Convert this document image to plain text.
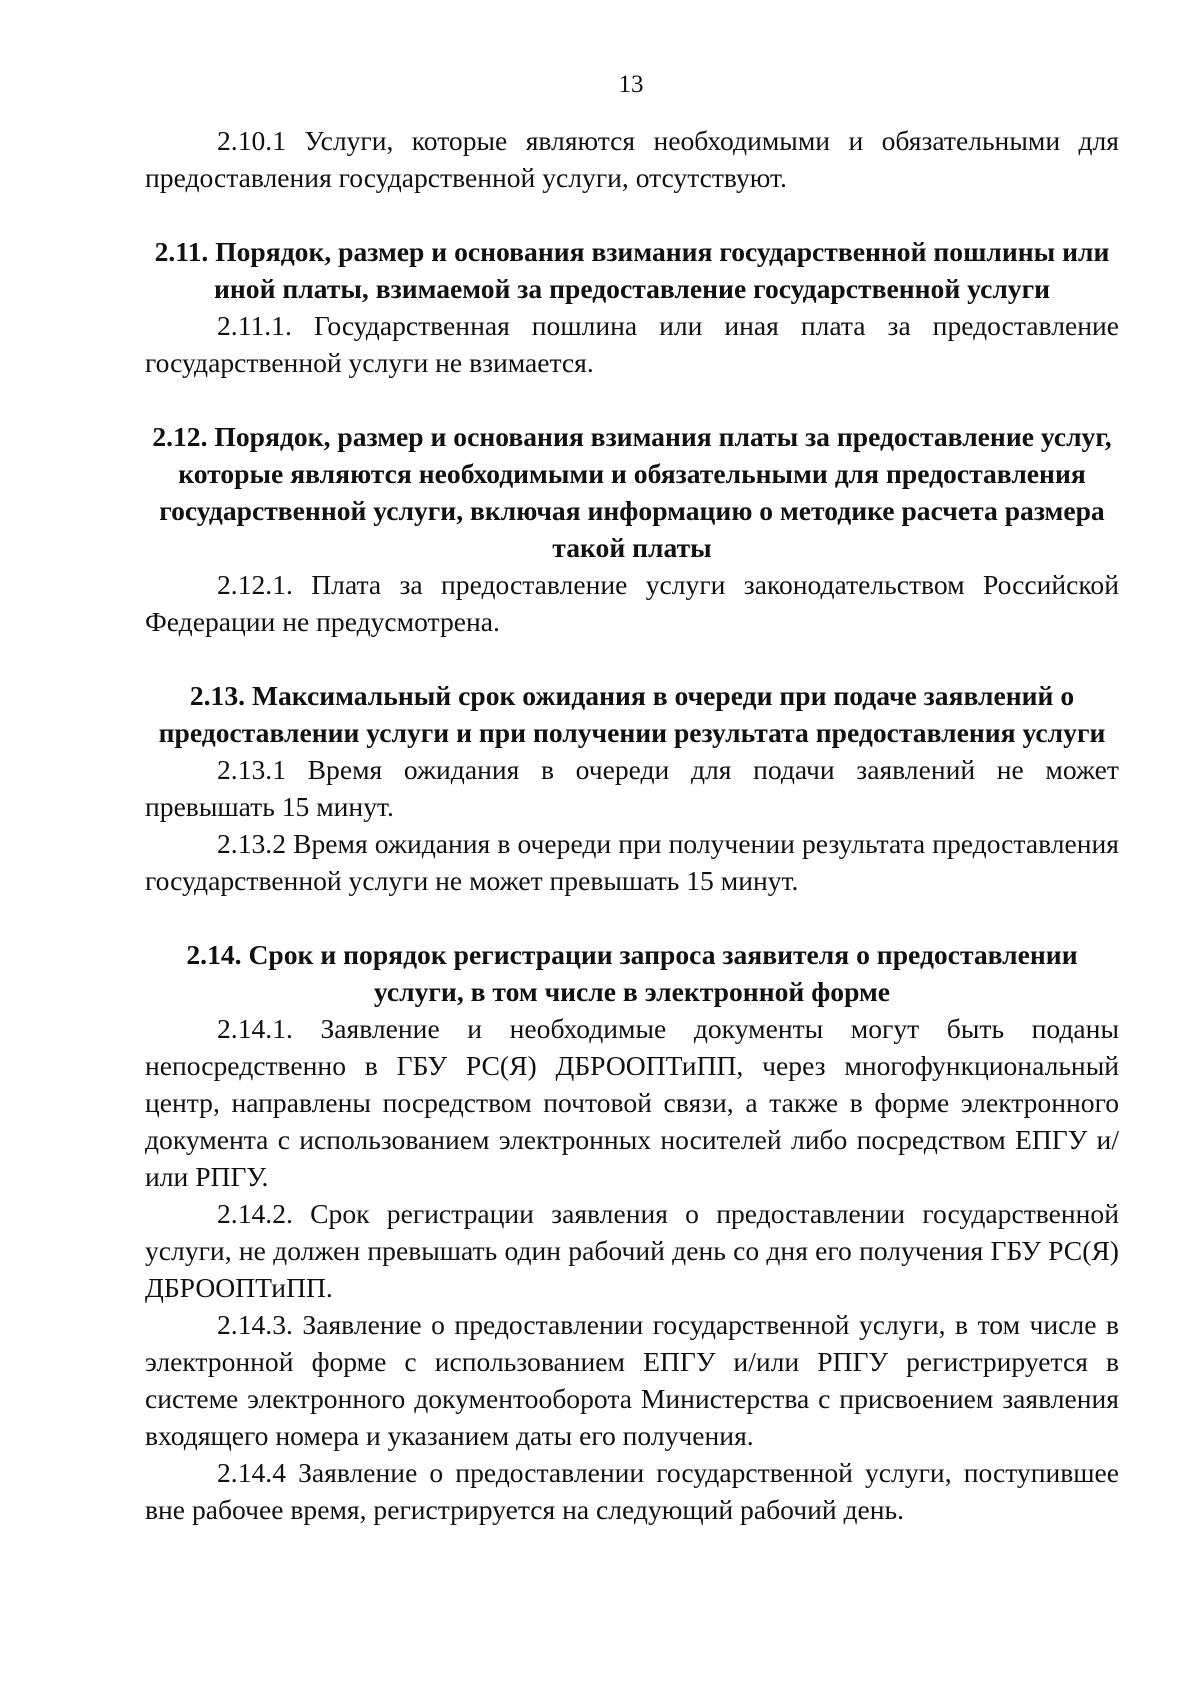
13

2.10.1 Услуги, которые являются необходимыми и обязательными для предоставления государственной услуги, отсутствуют.

2.11. Порядок, размер и основания взимания государственной пошлины или иной платы, взимаемой за предоставление государственной услуги

2.11.1. Государственная пошлина или иная плата за предоставление государственной услуги не взимается.

2.12. Порядок, размер и основания взимания платы за предоставление услуг, которые являются необходимыми и обязательными для предоставления государственной услуги, включая информацию о методике расчета размера такой платы

2.12.1. Плата за предоставление услуги законодательством Российской Федерации не предусмотрена.

2.13. Максимальный срок ожидания в очереди при подаче заявлений о предоставлении услуги и при получении результата предоставления услуги

2.13.1 Время ожидания в очереди для подачи заявлений не может превышать 15 минут.

2.13.2 Время ожидания в очереди при получении результата предоставления государственной услуги не может превышать 15 минут.

2.14. Срок и порядок регистрации запроса заявителя о предоставлении услуги, в том числе в электронной форме

2.14.1. Заявление и необходимые документы могут быть поданы непосредственно в ГБУ РС(Я) ДБРООПТиПП, через многофункциональный центр, направлены посредством почтовой связи, а также в форме электронного документа с использованием электронных носителей либо посредством ЕПГУ и/или РПГУ.

2.14.2. Срок регистрации заявления о предоставлении государственной услуги, не должен превышать один рабочий день со дня его получения ГБУ РС(Я) ДБРООПТиПП.

2.14.3. Заявление о предоставлении государственной услуги, в том числе в электронной форме с использованием ЕПГУ и/или РПГУ регистрируется в системе электронного документооборота Министерства с присвоением заявления входящего номера и указанием даты его получения.

2.14.4 Заявление о предоставлении государственной услуги, поступившее вне рабочее время, регистрируется на следующий рабочий день.
